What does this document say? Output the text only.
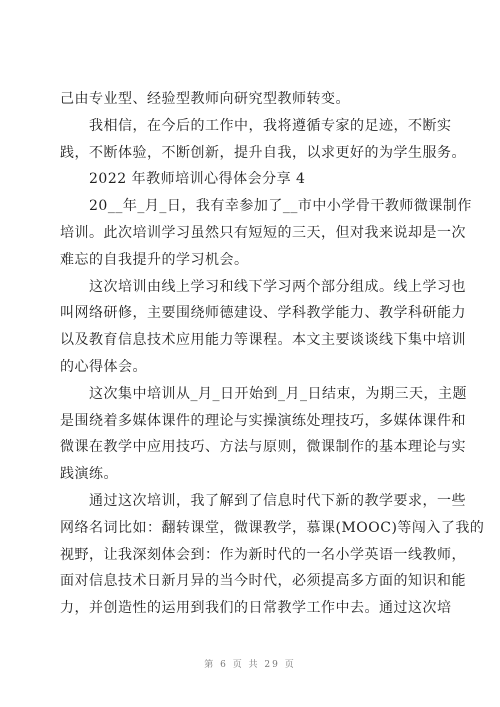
己由专业型、经验型教师向研究型教师转变。

　　我相信，在今后的工作中，我将遵循专家的足迹，不断实
践，不断体验，不断创新，提升自我，以求更好的为学生服务。

　　2022 年教师培训心得体会分享 4

　　20__年_月_日，我有幸参加了__市中小学骨干教师微课制作
培训。此次培训学习虽然只有短短的三天，但对我来说却是一次
难忘的自我提升的学习机会。

　　这次培训由线上学习和线下学习两个部分组成。线上学习也
叫网络研修，主要围绕师德建设、学科教学能力、教学科研能力
以及教育信息技术应用能力等课程。本文主要谈谈线下集中培训
的心得体会。

　　这次集中培训从_月_日开始到_月_日结束，为期三天，主题
是围绕着多媒体课件的理论与实操演练处理技巧，多媒体课件和
微课在教学中应用技巧、方法与原则，微课制作的基本理论与实
践演练。

　　通过这次培训，我了解到了信息时代下新的教学要求，一些
网络名词比如：翻转课堂，微课教学，慕课(MOOC)等闯入了我的
视野，让我深刻体会到：作为新时代的一名小学英语一线教师，
面对信息技术日新月异的当今时代，必须提高多方面的知识和能
力，并创造性的运用到我们的日常教学工作中去。通过这次培

第 6 页 共 29 页
